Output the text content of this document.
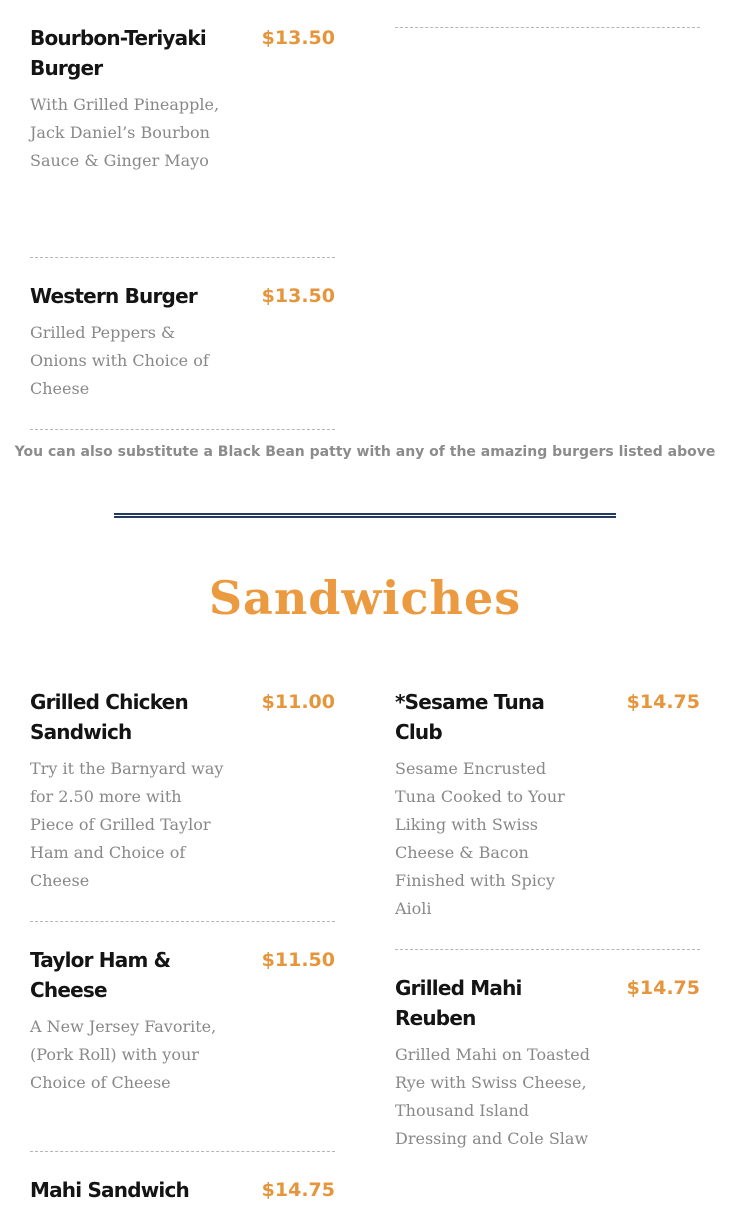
Bourbon-Teriyaki Burger
$13.50
With Grilled Pineapple, Jack Daniel’s Bourbon Sauce & Ginger Mayo
Western Burger	$13.50
Grilled Peppers & Onions with Choice of Cheese
You can also substitute a Black Bean patty with any of the amazing burgers listed above
Sandwiches
Grilled Chicken Sandwich
$11.00
Try it the Barnyard way for 2.50 more with Piece of Grilled Taylor Ham and Choice of Cheese
*Sesame Tuna Club
$14.75
Sesame Encrusted Tuna Cooked to Your Liking with Swiss Cheese & Bacon Finished with Spicy Aioli
Taylor Ham & Cheese
$11.50
A New Jersey Favorite, (Pork Roll) with your Choice of Cheese
Grilled Mahi Reuben
$14.75
Grilled Mahi on Toasted Rye with Swiss Cheese, Thousand Island Dressing and Cole Slaw
Mahi Sandwich	$14.75
